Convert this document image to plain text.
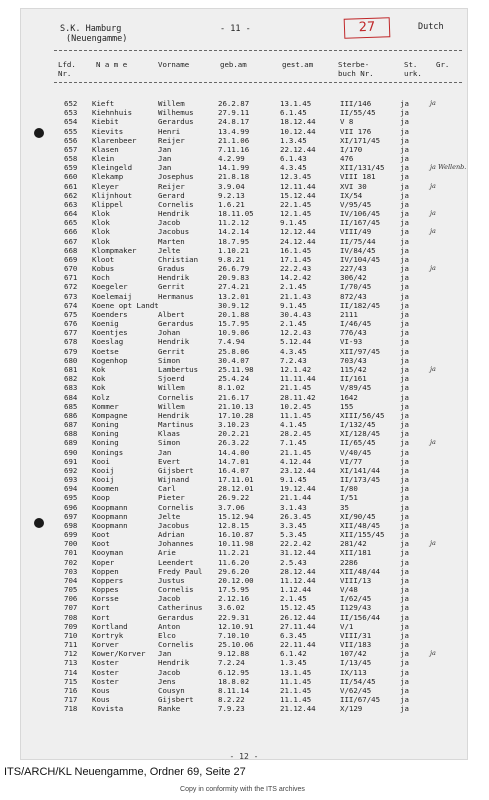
S.K. Hamburg
(Neuengamme)
- 11 -	27	Dutch
Lfd.
Nr.
N a m e	Vorname	geb.am	gest.am	Sterbe-
buch Nr.
St.
urk.
Gr.
652	Kieft	Willem	26.2.87	13.1.45	III/146	ja	ja
653	Kiehnhuis	Wilhemus	27.9.11	6.1.45	II/55/45	ja
654	Kiebit	Gerardus	24.8.17	18.12.44	V 8	ja
655	Kievits	Henri	13.4.99	10.12.44	VII 176	ja
656	Klarenbeer	Reijer	21.1.06	1.3.45	XI/171/45	ja
657	Klasen	Jan	7.11.16	22.12.44	I/170	ja
658	Klein	Jan	4.2.99	6.1.43	476	ja
659	Kleingeld	Jan	14.1.99	4.3.45	XII/131/45	ja	ja Wellenb.
660	Klekamp	Josephus	21.8.18	12.3.45	VIII 181	ja
661	Kleyer	Reijer	3.9.04	12.11.44	XVI 30	ja	ja
662	Klijnhout	Gerard	9.2.13	15.12.44	IX/54	ja
663	Klippel	Cornelis	1.6.21	22.1.45	V/95/45	ja
664	Klok	Hendrik	18.11.05	12.1.45	IV/106/45	ja	ja
665	Klok	Jacob	11.2.12	9.1.45	II/167/45	ja
666	Klok	Jacobus	14.2.14	12.12.44	VIII/49	ja	ja
667	Klok	Marten	18.7.95	24.12.44	II/75/44	ja
668	Klompmaker	Jelte	1.10.21	16.1.45	IV/84/45	ja
669	Kloot	Christian	9.8.21	17.1.45	IV/104/45	ja
670	Kobus	Gradus	26.6.79	22.2.43	227/43	ja	ja
671	Koch	Hendrik	20.9.83	14.2.42	306/42	ja
672	Koegeler	Gerrit	27.4.21	2.1.45	I/70/45	ja
673	Koelemaij	Hermanus	13.2.01	21.1.43	872/43	ja
674	Koene opt Landt	30.9.12	9.1.45	II/182/45	ja
675	Koenders	Albert	20.1.88	30.4.43	2111	ja
676	Koenig	Gerardus	15.7.95	2.1.45	I/46/45	ja
677	Koentjes	Johan	10.9.06	12.2.43	776/43	ja
678	Koeslag	Hendrik	7.4.94	5.12.44	VI-93	ja
679	Koetse	Gerrit	25.8.06	4.3.45	XII/97/45	ja
680	Kogenhop	Simon	30.4.07	7.2.43	703/43	ja
681	Kok	Lambertus	25.11.98	12.1.42	115/42	ja	ja
682	Kok	Sjoerd	25.4.24	11.11.44	II/161	ja
683	Kok	Willem	8.1.02	21.1.45	V/89/45	ja
684	Kolz	Cornelis	21.6.17	28.11.42	1642	ja
685	Kommer	Willem	21.10.13	10.2.45	155	ja
686	Kompagne	Hendrik	17.10.28	11.1.45	XIII/56/45	ja
687	Koning	Martinus	3.10.23	4.1.45	I/132/45	ja
688	Koning	Klaas	20.2.21	28.2.45	XI/128/45	ja
689	Koning	Simon	26.3.22	7.1.45	II/65/45	ja	ja
690	Konings	Jan	14.4.00	21.1.45	V/40/45	ja
691	Kooi	Evert	14.7.01	4.12.44	VI/77	ja
692	Kooij	Gijsbert	16.4.07	23.12.44	XI/141/44	ja
693	Kooij	Wijnand	17.11.01	9.1.45	II/173/45	ja
694	Koomen	Carl	28.12.01	19.12.44	I/80	ja
695	Koop	Pieter	26.9.22	21.1.44	I/51	ja
696	Koopmann	Cornelis	3.7.06	3.1.43	35	ja
697	Koopmann	Jelte	15.12.94	26.3.45	XI/90/45	ja
698	Koopmann	Jacobus	12.8.15	3.3.45	XII/48/45	ja
699	Koot	Adrian	16.10.87	5.3.45	XII/155/45	ja
700	Koot	Johannes	10.11.98	22.2.42	281/42	ja	ja
701	Kooyman	Arie	11.2.21	31.12.44	XII/181	ja
702	Koper	Leendert	11.6.20	2.5.43	2286	ja
703	Koppen	Fredy Paul	29.6.20	28.12.44	XII/48/44	ja
704	Koppers	Justus	20.12.00	11.12.44	VIII/13	ja
705	Koppes	Cornelis	17.5.95	1.12.44	V/48	ja
706	Korsse	Jacob	2.12.16	2.1.45	I/62/45	ja
707	Kort	Catherinus	3.6.02	15.12.45	I129/43	ja
708	Kort	Gerardus	22.9.31	26.12.44	II/156/44	ja
709	Kortland	Anton	12.10.91	27.11.44	V/1	ja
710	Kortryk	Elco	7.10.10	6.3.45	VIII/31	ja
711	Korver	Cornelis	25.10.06	22.11.44	VII/183	ja
712	Kower/Korver	Jan	9.12.88	6.1.42	107/42	ja	ja
713	Koster	Hendrik	7.2.24	1.3.45	I/13/45	ja
714	Koster	Jacob	6.12.95	13.1.45	IX/113	ja
715	Koster	Jens	18.8.02	11.1.45	II/54/45	ja
716	Kous	Cousyn	8.11.14	21.1.45	V/62/45	ja
717	Kous	Gijsbert	8.2.22	11.1.45	III/67/45	ja
718	Kovista	Ranke	7.9.23	21.12.44	X/129	ja
- 12 -
ITS/ARCH/KL Neuengamme, Ordner 69, Seite 27
Copy in conformity with the ITS archives
